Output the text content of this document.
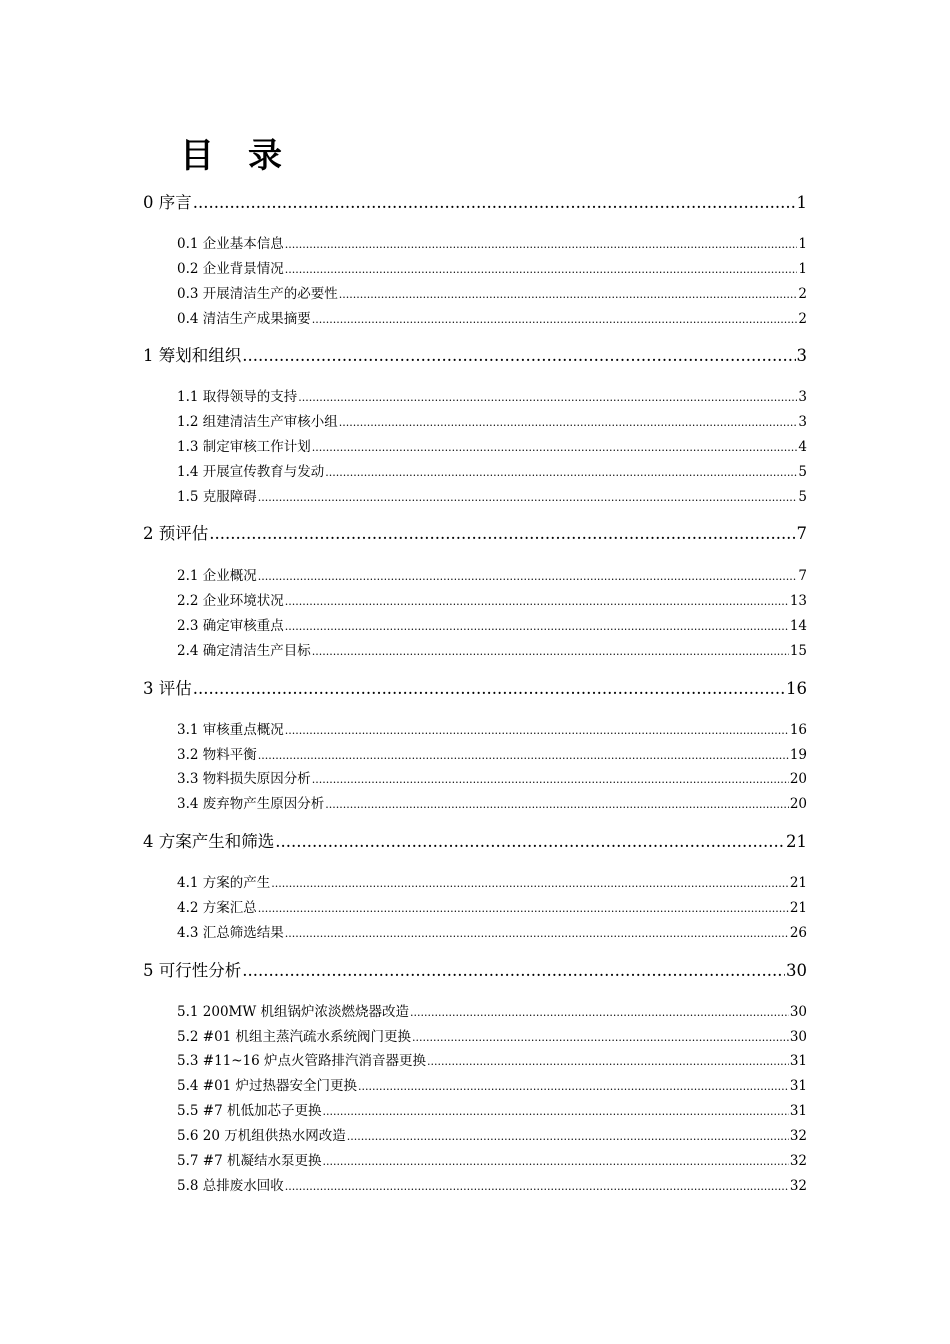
目 录
0 序言 .....	1
0.1 企业基本信息 .....	1
0.2 企业背景情况 .....	1
0.3 开展清洁生产的必要性 .....	2
0.4 清洁生产成果摘要 .....	2
1 筹划和组织 .....	3
1.1 取得领导的支持 .....	3
1.2 组建清洁生产审核小组 .....	3
1.3 制定审核工作计划 .....	4
1.4 开展宣传教育与发动 .....	5
1.5 克服障碍 .....	5
2 预评估 .....	7
2.1 企业概况 .....	7
2.2 企业环境状况 .....	13
2.3 确定审核重点 .....	14
2.4 确定清洁生产目标 .....	15
3 评估 .....	16
3.1 审核重点概况 .....	16
3.2 物料平衡 .....	19
3.3 物料损失原因分析 .....	20
3.4 废弃物产生原因分析 .....	20
4 方案产生和筛选 .....	21
4.1 方案的产生 .....	21
4.2 方案汇总 .....	21
4.3 汇总筛选结果 .....	26
5 可行性分析 .....	30
5.1 200MW 机组锅炉浓淡燃烧器改造 .....	30
5.2 #01 机组主蒸汽疏水系统阀门更换 .....	30
5.3 #11~16 炉点火管路排汽消音器更换 .....	31
5.4 #01 炉过热器安全门更换 .....	31
5.5 #7 机低加芯子更换 .....	31
5.6 20 万机组供热水网改造 .....	32
5.7 #7 机凝结水泵更换 .....	32
5.8 总排废水回收 .....	32
